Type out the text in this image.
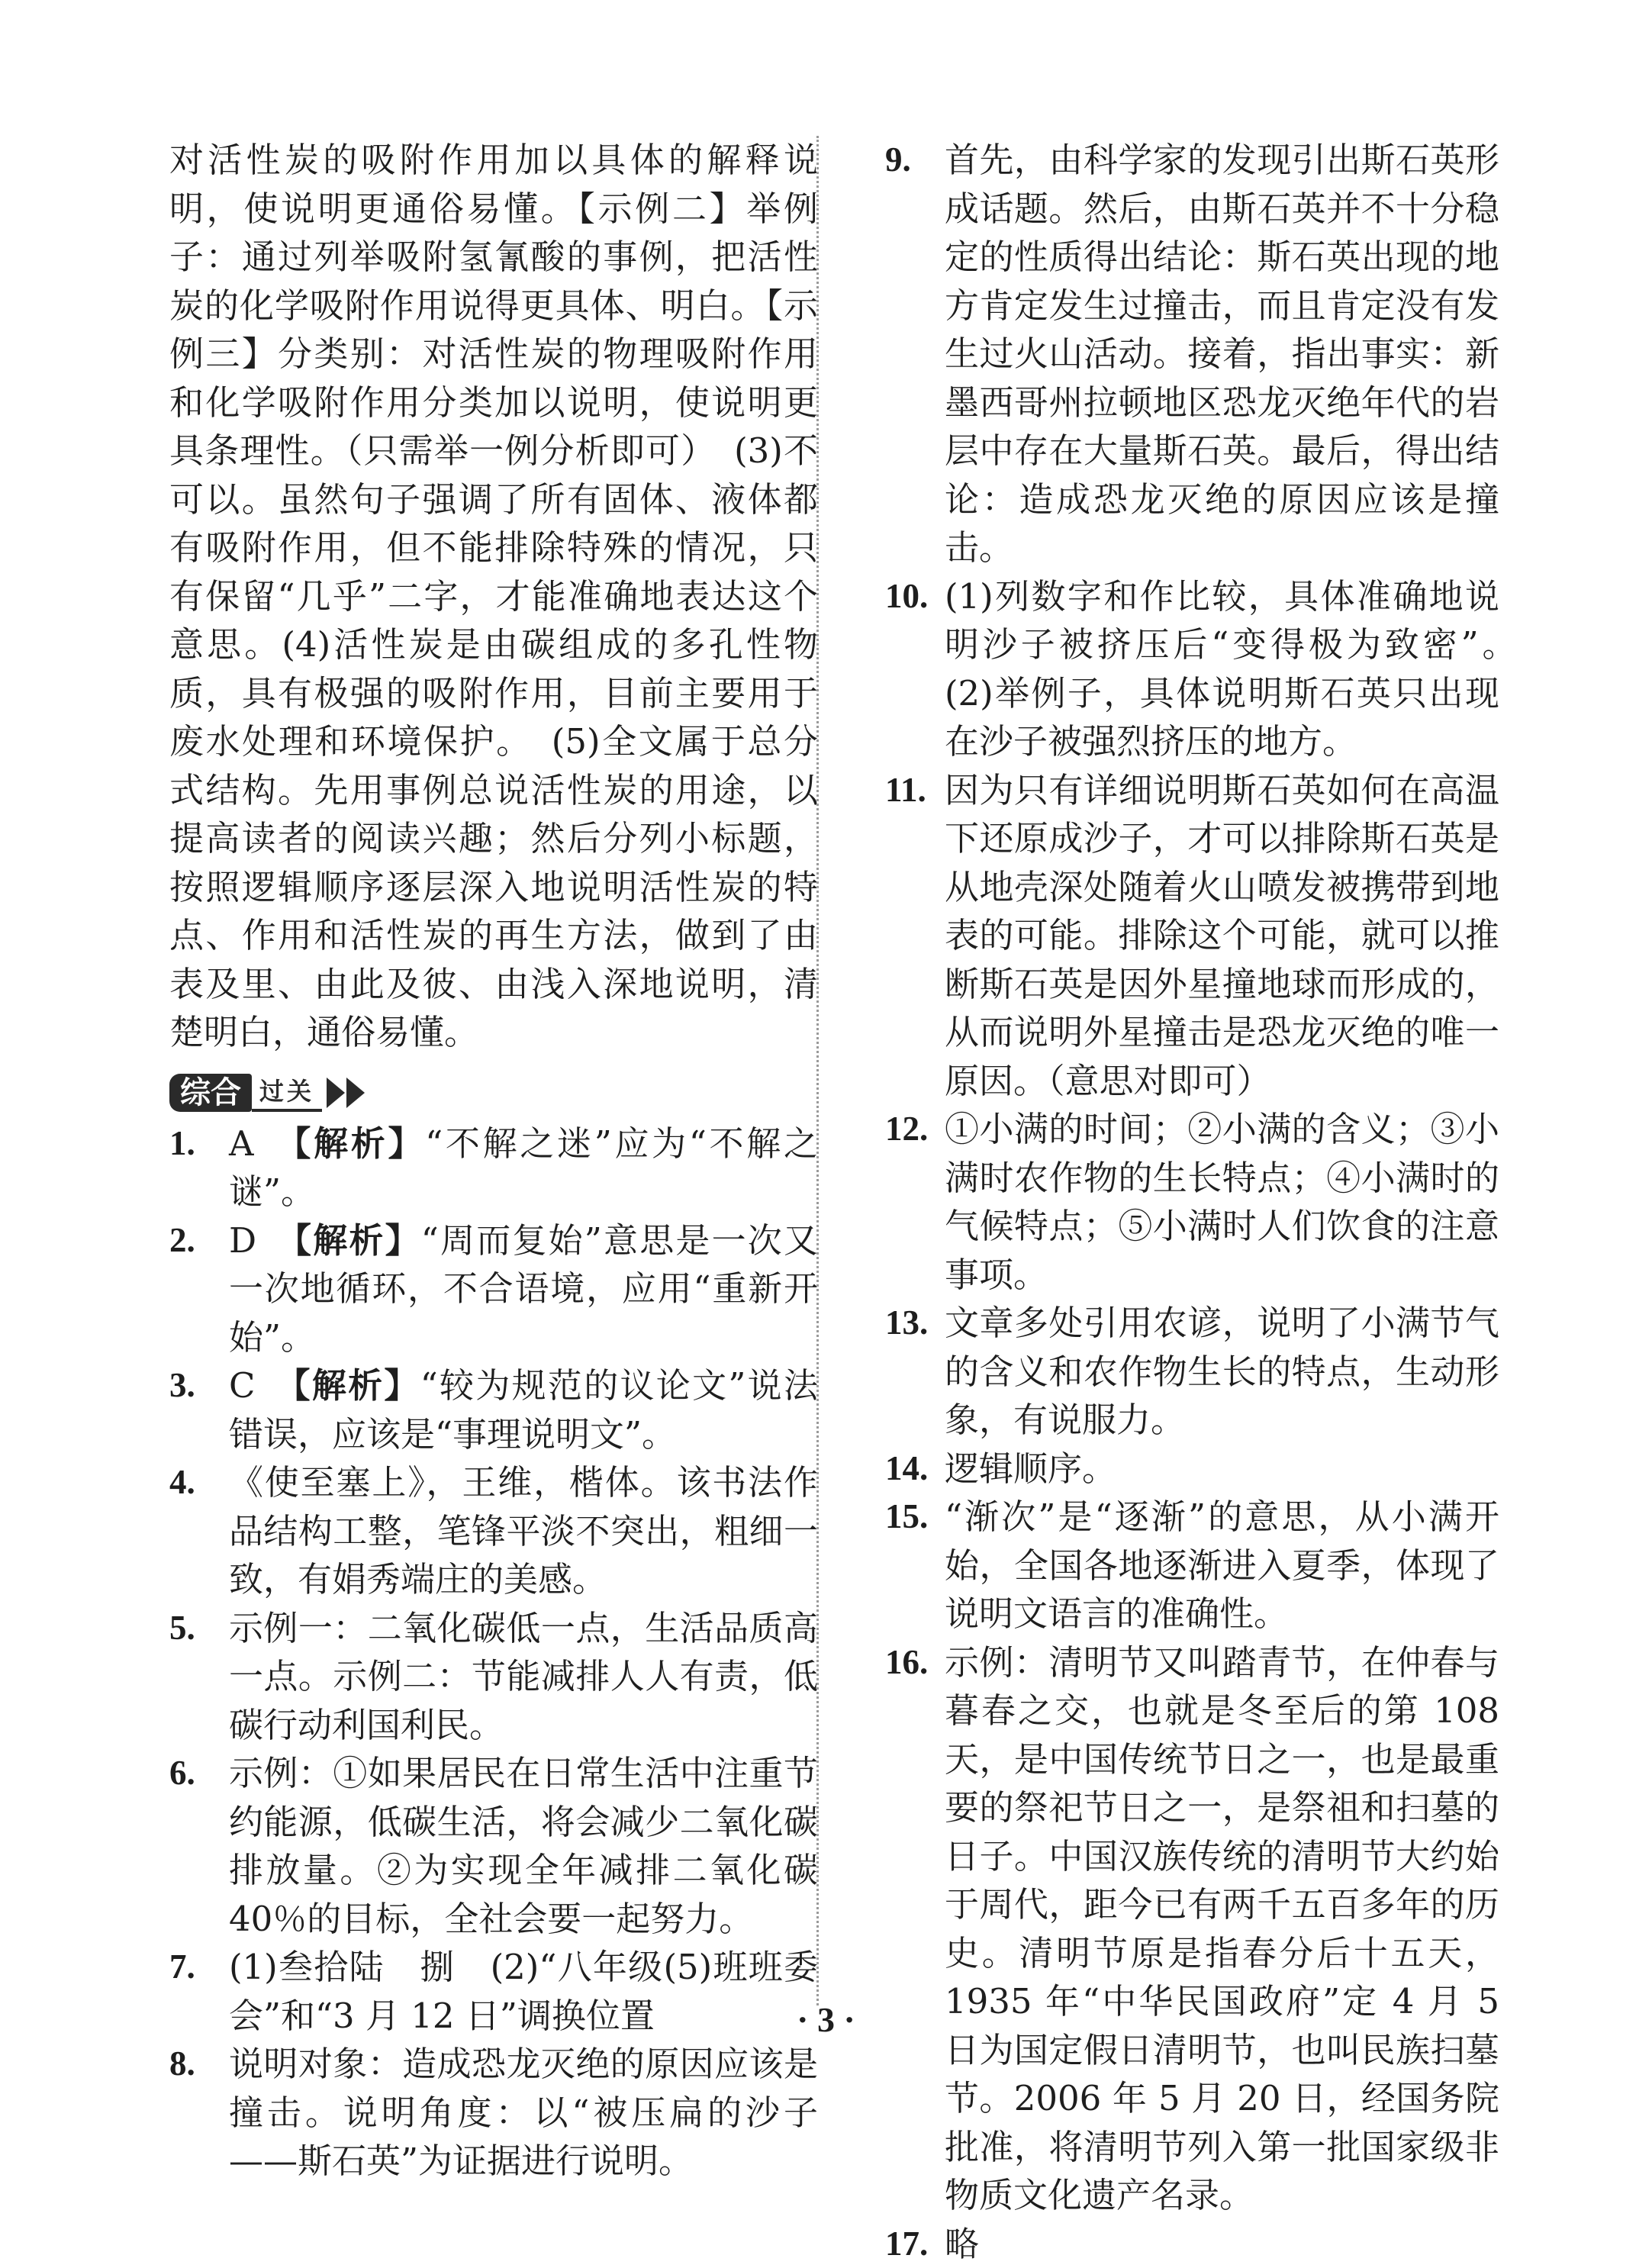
对活性炭的吸附作用加以具体的解释说明，使说明更通俗易懂。【示例二】举例子：通过列举吸附氢氰酸的事例，把活性炭的化学吸附作用说得更具体、明白。【示例三】分类别：对活性炭的物理吸附作用和化学吸附作用分类加以说明，使说明更具条理性。（只需举一例分析即可）　(3)不可以。虽然句子强调了所有固体、液体都有吸附作用，但不能排除特殊的情况，只有保留“几乎”二字，才能准确地表达这个意思。(4)活性炭是由碳组成的多孔性物质，具有极强的吸附作用，目前主要用于废水处理和环境保护。　(5)全文属于总分式结构。先用事例总说活性炭的用途，以提高读者的阅读兴趣；然后分列小标题，按照逻辑顺序逐层深入地说明活性炭的特点、作用和活性炭的再生方法，做到了由表及里、由此及彼、由浅入深地说明，清楚明白，通俗易懂。

综合 过关

1. A　 【解析】“不解之迷”应为“不解之谜”。

2. D　 【解析】“周而复始”意思是一次又一次地循环，不合语境，应用“重新开始”。

3. C　 【解析】“较为规范的议论文”说法错误，应该是“事理说明文”。

4. 《使至塞上》，王维，楷体。该书法作品结构工整，笔锋平淡不突出，粗细一致，有娟秀端庄的美感。

5. 示例一：二氧化碳低一点，生活品质高一点。示例二：节能减排人人有责，低碳行动利国利民。

6. 示例：①如果居民在日常生活中注重节约能源，低碳生活，将会减少二氧化碳排放量。②为实现全年减排二氧化碳 40％的目标，全社会要一起努力。

7. (1)叁拾陆　捌　(2)“八年级(5)班班委会”和“3 月 12 日”调换位置

8. 说明对象：造成恐龙灭绝的原因应该是撞击。说明角度：以“被压扁的沙子——斯石英”为证据进行说明。

9. 首先，由科学家的发现引出斯石英形成话题。然后，由斯石英并不十分稳定的性质得出结论：斯石英出现的地方肯定发生过撞击，而且肯定没有发生过火山活动。接着，指出事实：新墨西哥州拉顿地区恐龙灭绝年代的岩层中存在大量斯石英。最后，得出结论：造成恐龙灭绝的原因应该是撞击。

10. (1)列数字和作比较，具体准确地说明沙子被挤压后“变得极为致密”。　(2)举例子，具体说明斯石英只出现在沙子被强烈挤压的地方。

11. 因为只有详细说明斯石英如何在高温下还原成沙子，才可以排除斯石英是从地壳深处随着火山喷发被携带到地表的可能。排除这个可能，就可以推断斯石英是因外星撞地球而形成的，从而说明外星撞击是恐龙灭绝的唯一原因。（意思对即可）

12. ①小满的时间；②小满的含义；③小满时农作物的生长特点；④小满时的气候特点；⑤小满时人们饮食的注意事项。

13. 文章多处引用农谚，说明了小满节气的含义和农作物生长的特点，生动形象，有说服力。

14. 逻辑顺序。

15. “渐次”是“逐渐”的意思，从小满开始，全国各地逐渐进入夏季，体现了说明文语言的准确性。

16. 示例：清明节又叫踏青节，在仲春与暮春之交，也就是冬至后的第 108 天，是中国传统节日之一，也是最重要的祭祀节日之一，是祭祖和扫墓的日子。中国汉族传统的清明节大约始于周代，距今已有两千五百多年的历史。清明节原是指春分后十五天，1935 年“中华民国政府”定 4 月 5 日为国定假日清明节，也叫民族扫墓节。2006 年 5 月 20 日，经国务院批准，将清明节列入第一批国家级非物质文化遗产名录。

17. 略

· 3 ·
